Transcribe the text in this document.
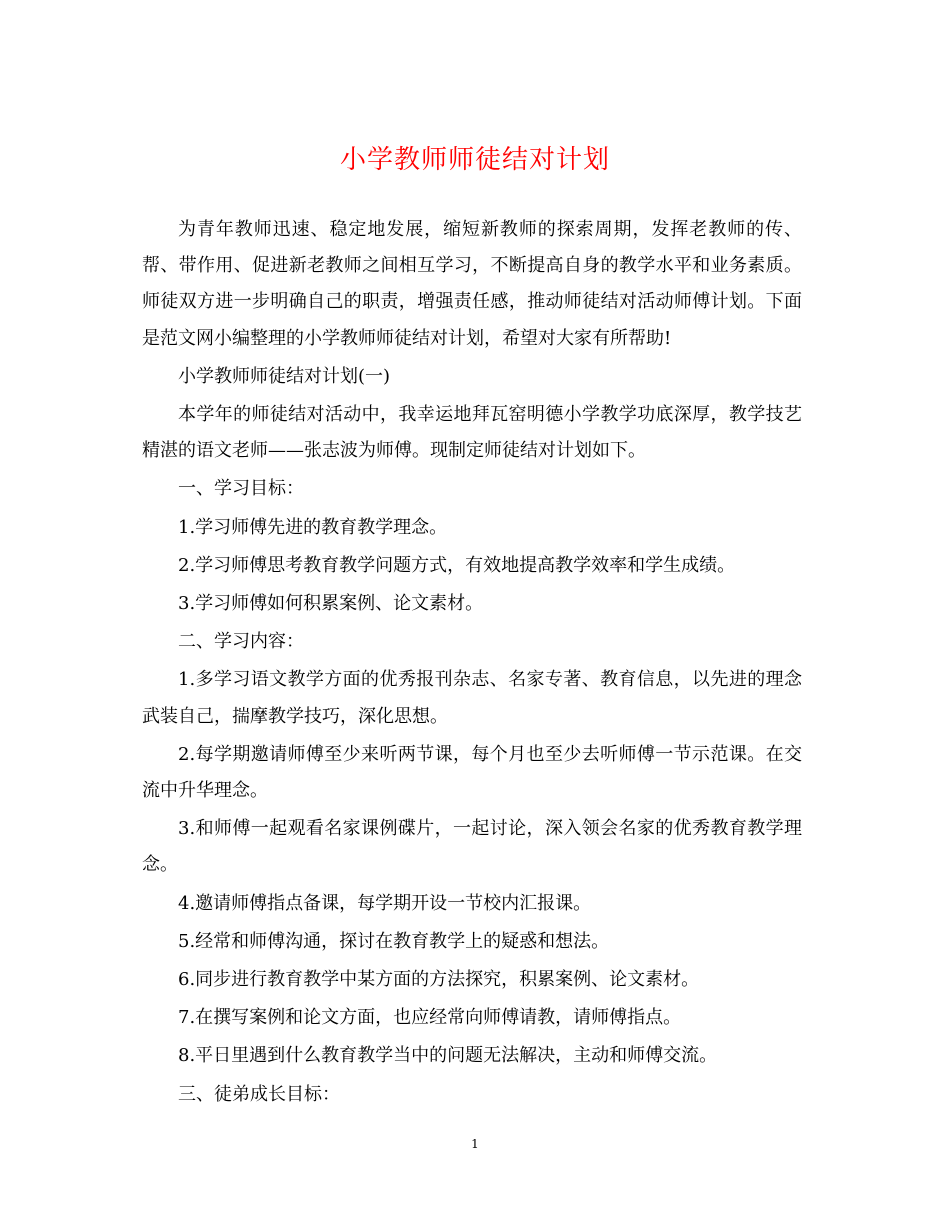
小学教师师徒结对计划

为青年教师迅速、稳定地发展，缩短新教师的探索周期，发挥老教师的传、帮、带作用、促进新老教师之间相互学习，不断提高自身的教学水平和业务素质。师徒双方进一步明确自己的职责，增强责任感，推动师徒结对活动师傅计划。下面是范文网小编整理的小学教师师徒结对计划，希望对大家有所帮助!

小学教师师徒结对计划(一)

本学年的师徒结对活动中，我幸运地拜瓦窑明德小学教学功底深厚，教学技艺精湛的语文老师——张志波为师傅。现制定师徒结对计划如下。

一、学习目标：

1.学习师傅先进的教育教学理念。

2.学习师傅思考教育教学问题方式，有效地提高教学效率和学生成绩。

3.学习师傅如何积累案例、论文素材。

二、学习内容：

1.多学习语文教学方面的优秀报刊杂志、名家专著、教育信息，以先进的理念武装自己，揣摩教学技巧，深化思想。

2.每学期邀请师傅至少来听两节课，每个月也至少去听师傅一节示范课。在交流中升华理念。

3.和师傅一起观看名家课例碟片，一起讨论，深入领会名家的优秀教育教学理念。

4.邀请师傅指点备课，每学期开设一节校内汇报课。

5.经常和师傅沟通，探讨在教育教学上的疑惑和想法。

6.同步进行教育教学中某方面的方法探究，积累案例、论文素材。

7.在撰写案例和论文方面，也应经常向师傅请教，请师傅指点。

8.平日里遇到什么教育教学当中的问题无法解决，主动和师傅交流。

三、徒弟成长目标：

1
